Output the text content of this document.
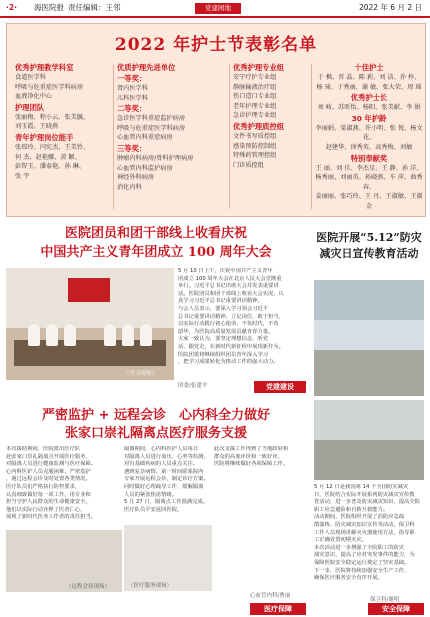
·2· 海医院报 责任编辑：王邻	党建园地	2022 年 6 月 2 日
2022 年护士节表彰名单
优秀护理教学科室
食道医学科
呼吸与危重症医学科病房
血液净化中心
护理团队
张丽梅、程小云、张美毓、
刘玉霞、王晓燕
青年护理岗位能手
张琼玲、闫宪杰、王美铃、
何 杰、赵艳娜、黄 颖、
彭智玉、潘泰艳、孙 琳、
张 宇
优质护理先进单位
一等奖：
肾内医学科
儿科医学科
二等奖：
急诊医学科重症监护病房
呼吸与危重症医学科病房
心血管内科重症病房
三等奖：
肿瘤内科病房/骨科护理病房
心血管内科监护病房
神经外科病房
消化内科
优秀护理专业组
安宁疗护专业组
静脉输液治疗组
伤口造口专业组
老年护理专业组
急诊护理专业组
优秀护理质控组
文件书写质控组
感染预防控制组
特殊药管理控组
门诊质控组
十佳护士
于 枫、晋 晶、陈 莉、刘 洁、乔 梓、
杨 琦、于秀丽、谢 敏、张大荣、周 瑶
优秀护士长
刘 岐、苏昕怡、杨阳、张美献、李 娟
30 年护龄
李丽娟、梁淑燕、许小明、张 悦、杨文花、
赵建华、徐秀英、高秀梅、刘敏
特别奉献奖
王 丽、刘 佳、李杰星、王 静、孙 洋、
杨秀丽、刘丽英、孙晓燕、车 萍、曲秀春、
姜丽丽、张巧玲、王 丹、王淑敏、王淑金
医院团员和团干部线上收看庆祝
中国共产主义青年团成立 100 周年大会
（学习现场）
5 月 10 日上午，庆祝中国共产主义青年
团成立 100 周年大会在北京人民大会堂隆重
举行。习近平总书记出席大会并发表重要讲
话。医院团员和团干部线上收看大会实况，认
真学习习近平总书记重要讲话精神。
与会人员表示，要深入学习领会习近平
总书记重要讲话精神，立足岗位，敢于担当，
以实际行动践行初心使命，不负时代，不负
韶华，为医院高质量发展贡献青春力量。
大家一致认为，要坚定理想信念，听党
话、跟党走，在新时代新征程中展现新作为。
医院团委将继续组织团员青年深入学习
，把学习成果转化为推动工作的强大动力。
团委/张建平	党建建设
医院开展“5.12”防灾
减灾日宣传教育活动
5 月 12 日是我国第 14 个全国防灾减灾
日，医院结合实际开展系列防灾减灾宣传教
育活动，进一步普及防灾减灾知识，提高全院
职工应急避险和自救互救能力。
活动期间，医院组织开展了消防应急疏
散演练、防灾减灾知识宣传等活动。保卫科
工作人员现场讲解灭火器使用方法，指导职
工正确处置初期火灾。
本次活动进一步增强了全院职工的防灾
减灾意识，提高了应对突发事件的能力，为
保障医院安全稳定运行奠定了坚实基础。
下一步，医院将持续加强安全生产工作，
确保医疗服务安全有序开展。
保卫科/谢明
安全保障
严密监护 + 远程会诊　心内科全力做好
张家口崇礼隔离点医疗服务支援
本次援助期间，医院派出医疗队
赴张家口崇礼隔离点开展医疗服务，
对隔离人员进行健康监测与医疗保障。
心内科医护人员克服困难，严密监护
，通过远程会诊及时处置各类情况。
医疗队员们严格执行防控要求，
认真细致做好每一项工作，用专业和
担当守护人民群众的生命健康安全。
他们以实际行动诠释了医者仁心，
展现了新时代医务工作者的责任担当。
隔离期间，心内科医护人员每日
对隔离人员进行血压、心率等监测，
对有基础疾病的人员重点关注。
遇到复杂病情，第一时间联系院内
专家开展远程会诊，制定诊疗方案。
同时做好心理疏导工作，缓解隔离
人员的紧张焦虑情绪。
5 月 27 日，隔离点工作圆满完成。
医疗队员平安返回医院。
（远程会诊现场）	（医疗服务现场）
此次支援工作得到了当地政府和
群众的高度评价和一致好评。
医院将继续做好各项保障工作。
心血管内科/曹丽
医疗保障
